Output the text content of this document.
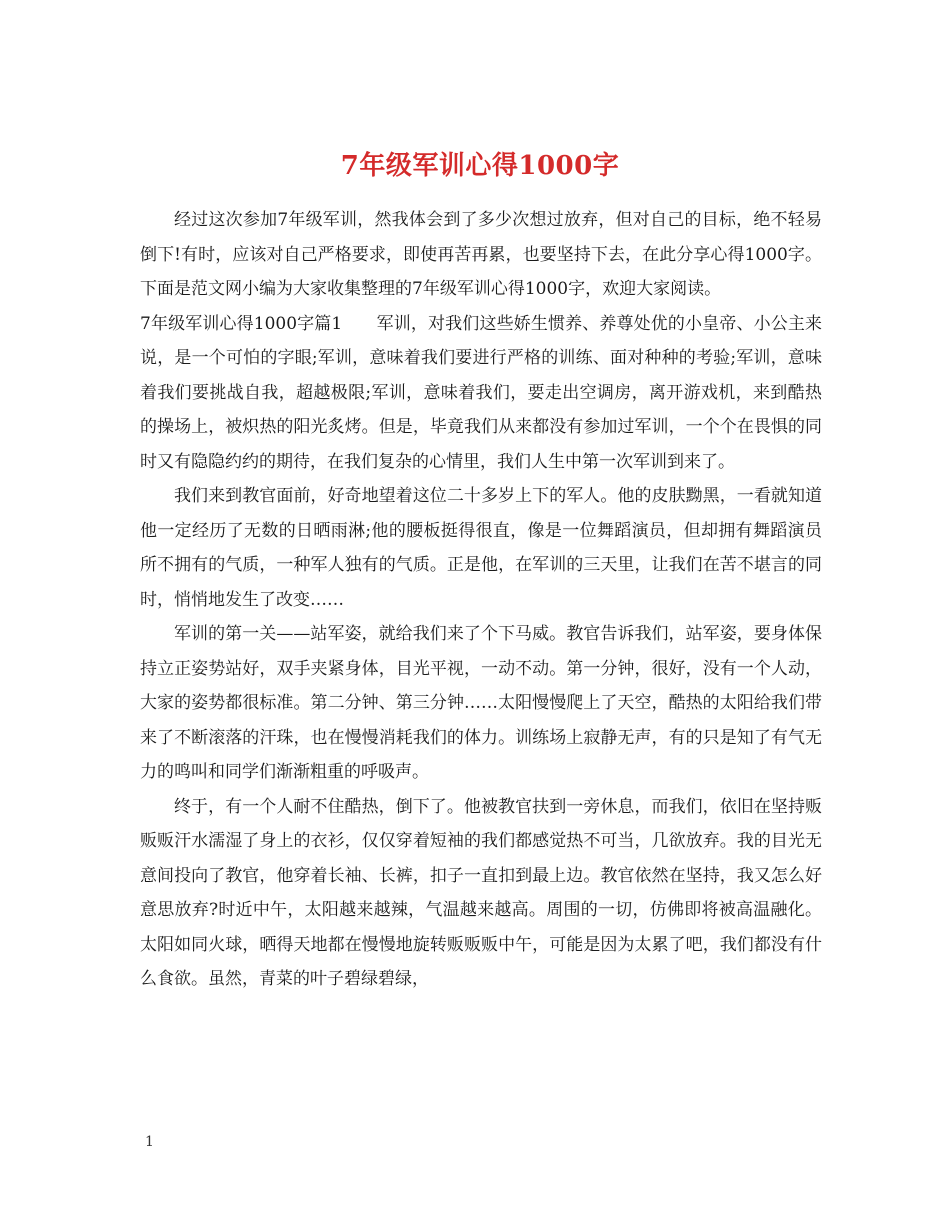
7年级军训心得1000字

经过这次参加7年级军训，然我体会到了多少次想过放弃，但对自己的目标，绝不轻易倒下!有时，应该对自己严格要求，即使再苦再累，也要坚持下去，在此分享心得1000字。下面是范文网小编为大家收集整理的7年级军训心得1000字，欢迎大家阅读。

7年级军训心得1000字篇1　　军训，对我们这些娇生惯养、养尊处优的小皇帝、小公主来说，是一个可怕的字眼;军训，意味着我们要进行严格的训练、面对种种的考验;军训，意味着我们要挑战自我，超越极限;军训，意味着我们，要走出空调房，离开游戏机，来到酷热的操场上，被炽热的阳光炙烤。但是，毕竟我们从来都没有参加过军训，一个个在畏惧的同时又有隐隐约约的期待，在我们复杂的心情里，我们人生中第一次军训到来了。

我们来到教官面前，好奇地望着这位二十多岁上下的军人。他的皮肤黝黑，一看就知道他一定经历了无数的日晒雨淋;他的腰板挺得很直，像是一位舞蹈演员，但却拥有舞蹈演员所不拥有的气质，一种军人独有的气质。正是他，在军训的三天里，让我们在苦不堪言的同时，悄悄地发生了改变……

军训的第一关——站军姿，就给我们来了个下马威。教官告诉我们，站军姿，要身体保持立正姿势站好，双手夹紧身体，目光平视，一动不动。第一分钟，很好，没有一个人动，大家的姿势都很标准。第二分钟、第三分钟……太阳慢慢爬上了天空，酷热的太阳给我们带来了不断滚落的汗珠，也在慢慢消耗我们的体力。训练场上寂静无声，有的只是知了有气无力的鸣叫和同学们渐渐粗重的呼吸声。

终于，有一个人耐不住酷热，倒下了。他被教官扶到一旁休息，而我们，依旧在坚持贩贩贩汗水濡湿了身上的衣衫，仅仅穿着短袖的我们都感觉热不可当，几欲放弃。我的目光无意间投向了教官，他穿着长袖、长裤，扣子一直扣到最上边。教官依然在坚持，我又怎么好意思放弃?时近中午，太阳越来越辣，气温越来越高。周围的一切，仿佛即将被高温融化。太阳如同火球，晒得天地都在慢慢地旋转贩贩贩中午，可能是因为太累了吧，我们都没有什么食欲。虽然，青菜的叶子碧绿碧绿，

1
